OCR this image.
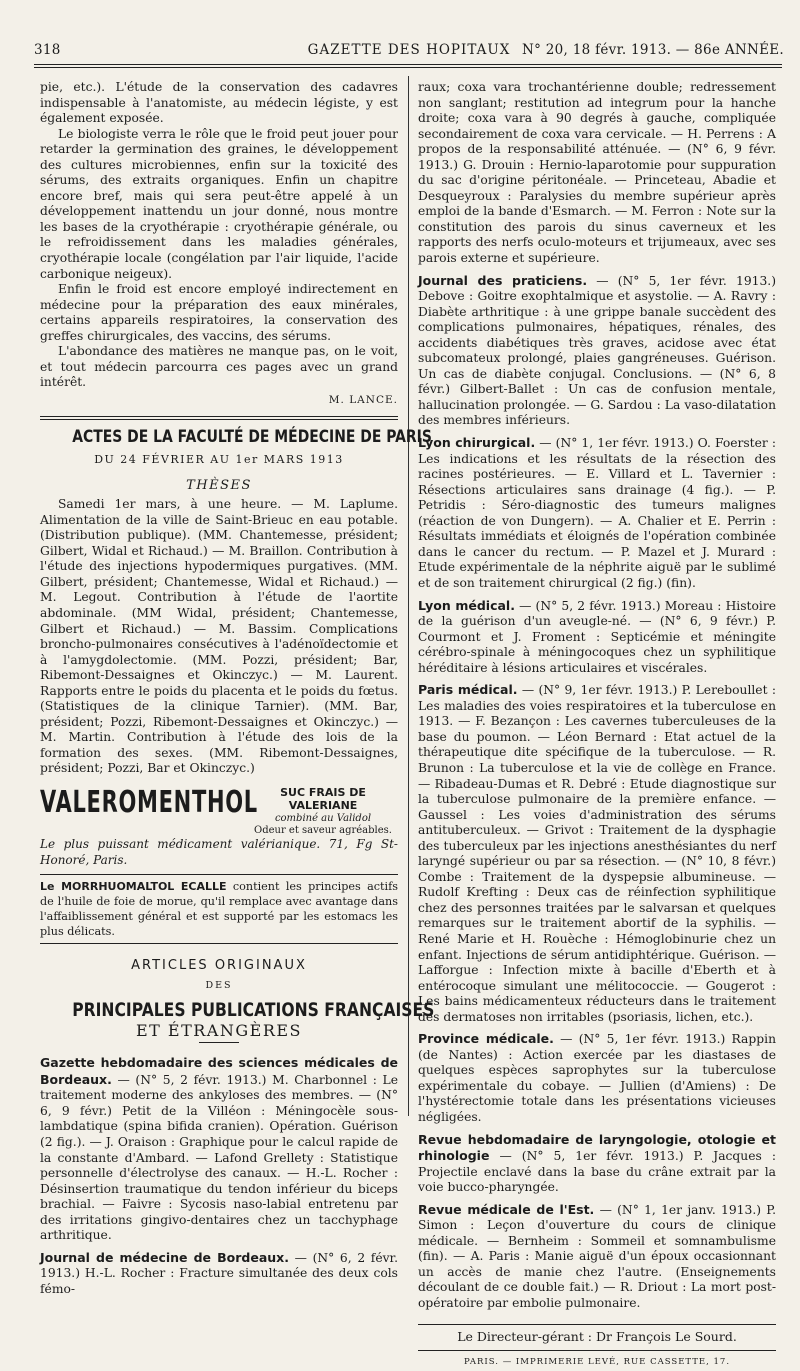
318	GAZETTE DES HOPITAUX N° 20, 18 févr. 1913. — 86e ANNÉE.

pie, etc.). L'étude de la conservation des cadavres indispensable à l'anatomiste, au médecin légiste, y est également exposée.

Le biologiste verra le rôle que le froid peut jouer pour retarder la germination des graines, le développement des cultures microbiennes, enfin sur la toxicité des sérums, des extraits organiques. Enfin un chapitre encore bref, mais qui sera peut-être appelé à un développement inattendu un jour donné, nous montre les bases de la cryothérapie : cryothérapie générale, ou le refroidissement dans les maladies générales, cryothérapie locale (congélation par l'air liquide, l'acide carbonique neigeux).

Enfin le froid est encore employé indirectement en médecine pour la préparation des eaux minérales, certains appareils respiratoires, la conservation des greffes chirurgicales, des vaccins, des sérums.

L'abondance des matières ne manque pas, on le voit, et tout médecin parcourra ces pages avec un grand intérêt.

M. LANCE.
ACTES DE LA FACULTÉ DE MÉDECINE DE PARIS
DU 24 FÉVRIER AU 1er MARS 1913
THÈSES

Samedi 1er mars, à une heure. — M. Laplume. Alimentation de la ville de Saint-Brieuc en eau potable. (Distribution publique). (MM. Chantemesse, président; Gilbert, Widal et Richaud.) — M. Braillon. Contribution à l'étude des injections hypodermiques purgatives. (MM. Gilbert, président; Chantemesse, Widal et Richaud.) — M. Legout. Contribution à l'étude de l'aortite abdominale. (MM Widal, président; Chantemesse, Gilbert et Richaud.) — M. Bassim. Complications broncho-pulmonaires consécutives à l'adénoïdectomie et à l'amygdolectomie. (MM. Pozzi, président; Bar, Ribemont-Dessaignes et Okinczyc.) — M. Laurent. Rapports entre le poids du placenta et le poids du fœtus. (Statistiques de la clinique Tarnier). (MM. Bar, président; Pozzi, Ribemont-Dessaignes et Okinczyc.) — M. Martin. Contribution à l'étude des lois de la formation des sexes. (MM. Ribemont-Dessaignes, président; Pozzi, Bar et Okinczyc.)

VALEROMENTHOL	SUC FRAIS DE VALERIANE
combiné au Validol
Odeur et saveur agréables.
Le plus puissant médicament valérianique. 71, Fg St-Honoré, Paris.
Le MORRHUOMALTOL ECALLE contient les principes actifs de l'huile de foie de morue, qu'il remplace avec avantage dans l'affaiblissement général et est supporté par les estomacs les plus délicats.
ARTICLES ORIGINAUX
DES
PRINCIPALES PUBLICATIONS FRANÇAISES
ET ÉTRANGÈRES
Gazette hebdomadaire des sciences médicales de Bordeaux. — (N° 5, 2 févr. 1913.) M. Charbonnel : Le traitement moderne des ankyloses des membres. — (N° 6, 9 févr.) Petit de la Villéon : Méningocèle sous-lambdatique (spina bifida cranien). Opération. Guérison (2 fig.). — J. Oraison : Graphique pour le calcul rapide de la constante d'Ambard. — Lafond Grellety : Statistique personnelle d'électrolyse des canaux. — H.-L. Rocher : Désinsertion traumatique du tendon inférieur du biceps brachial. — Faivre : Sycosis naso-labial entretenu par des irritations gingivo-dentaires chez un tacchyphage arthritique.
Journal de médecine de Bordeaux. — (N° 6, 2 févr. 1913.) H.-L. Rocher : Fracture simultanée des deux cols fémo-
raux; coxa vara trochantérienne double; redressement non sanglant; restitution ad integrum pour la hanche droite; coxa vara à 90 degrés à gauche, compliquée secondairement de coxa vara cervicale. — H. Perrens : A propos de la responsabilité atténuée. — (N° 6, 9 févr. 1913.) G. Drouin : Hernio-laparotomie pour suppuration du sac d'origine péritonéale. — Princeteau, Abadie et Desqueyroux : Paralysies du membre supérieur après emploi de la bande d'Esmarch. — M. Ferron : Note sur la constitution des parois du sinus caverneux et les rapports des nerfs oculo-moteurs et trijumeaux, avec ses parois externe et supérieure.
Journal des praticiens. — (N° 5, 1er févr. 1913.) Debove : Goitre exophtalmique et asystolie. — A. Ravry : Diabète arthritique : à une grippe banale succèdent des complications pulmonaires, hépatiques, rénales, des accidents diabétiques très graves, acidose avec état subcomateux prolongé, plaies gangréneuses. Guérison. Un cas de diabète conjugal. Conclusions. — (N° 6, 8 févr.) Gilbert-Ballet : Un cas de confusion mentale, hallucination prolongée. — G. Sardou : La vaso-dilatation des membres inférieurs.
Lyon chirurgical. — (N° 1, 1er févr. 1913.) O. Foerster : Les indications et les résultats de la résection des racines postérieures. — E. Villard et L. Tavernier : Résections articulaires sans drainage (4 fig.). — P. Petridis : Séro-diagnostic des tumeurs malignes (réaction de von Dungern). — A. Chalier et E. Perrin : Résultats immédiats et éloignés de l'opération combinée dans le cancer du rectum. — P. Mazel et J. Murard : Etude expérimentale de la néphrite aiguë par le sublimé et de son traitement chirurgical (2 fig.) (fin).
Lyon médical. — (N° 5, 2 févr. 1913.) Moreau : Histoire de la guérison d'un aveugle-né. — (N° 6, 9 févr.) P. Courmont et J. Froment : Septicémie et méningite cérébro-spinale à méningocoques chez un syphilitique héréditaire à lésions articulaires et viscérales.
Paris médical. — (N° 9, 1er févr. 1913.) P. Lereboullet : Les maladies des voies respiratoires et la tuberculose en 1913. — F. Bezançon : Les cavernes tuberculeuses de la base du poumon. — Léon Bernard : Etat actuel de la thérapeutique dite spécifique de la tuberculose. — R. Brunon : La tuberculose et la vie de collège en France. — Ribadeau-Dumas et R. Debré : Etude diagnostique sur la tuberculose pulmonaire de la première enfance. — Gaussel : Les voies d'administration des sérums antituberculeux. — Grivot : Traitement de la dysphagie des tuberculeux par les injections anesthésiantes du nerf laryngé supérieur ou par sa résection. — (N° 10, 8 févr.) Combe : Traitement de la dyspepsie albumineuse. — Rudolf Krefting : Deux cas de réinfection syphilitique chez des personnes traitées par le salvarsan et quelques remarques sur le traitement abortif de la syphilis. — René Marie et H. Rouèche : Hémoglobinurie chez un enfant. Injections de sérum antidiphtérique. Guérison. — Lafforgue : Infection mixte à bacille d'Eberth et à entérocoque simulant une mélitococcie. — Gougerot : Les bains médicamenteux réducteurs dans le traitement des dermatoses non irritables (psoriasis, lichen, etc.).
Province médicale. — (N° 5, 1er févr. 1913.) Rappin (de Nantes) : Action exercée par les diastases de quelques espèces saprophytes sur la tuberculose expérimentale du cobaye. — Jullien (d'Amiens) : De l'hystérectomie totale dans les présentations vicieuses négligées.
Revue hebdomadaire de laryngologie, otologie et rhinologie — (N° 5, 1er févr. 1913.) P. Jacques : Projectile enclavé dans la base du crâne extrait par la voie bucco-pharyngée.
Revue médicale de l'Est. — (N° 1, 1er janv. 1913.) P. Simon : Leçon d'ouverture du cours de clinique médicale. — Bernheim : Sommeil et somnambulisme (fin). — A. Paris : Manie aiguë d'un époux occasionnant un accès de manie chez l'autre. (Enseignements découlant de ce double fait.) — R. Driout : La mort post-opératoire par embolie pulmonaire.
Le Directeur-gérant : Dr François Le Sourd.
PARIS. — IMPRIMERIE LEVÉ, RUE CASSETTE, 17.
